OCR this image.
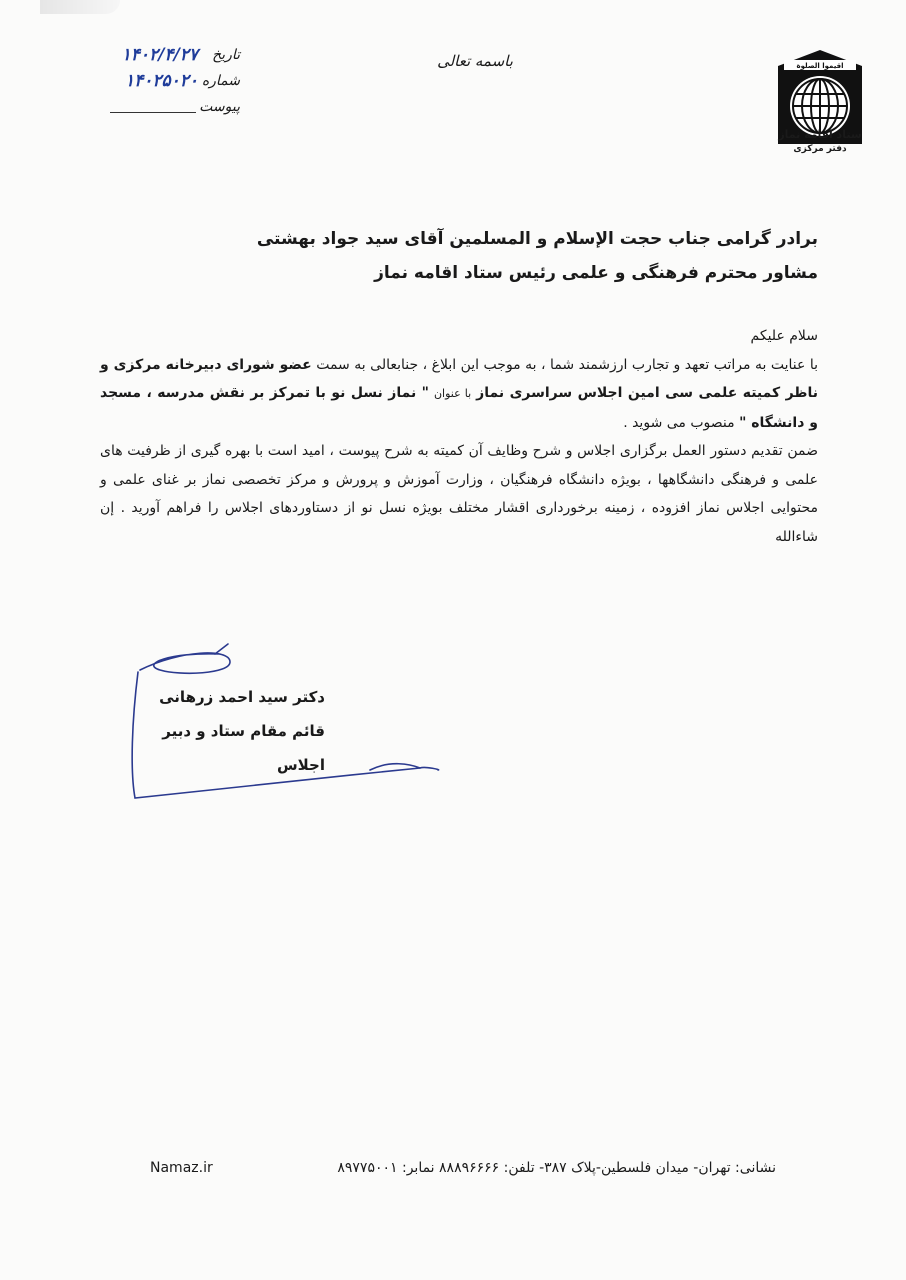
اقیموا الصلوة
ستاد اقامه نماز
دفتر مرکزی
باسمه تعالی
تاریخ
۱۴۰۲/۴/۲۷
شماره
۱۴۰۲۵۰۲۰
پیوست
برادر گرامی جناب حجت الإسلام و المسلمین آقای سید جواد بهشتی
مشاور محترم فرهنگی و علمی رئیس ستاد اقامه نماز

سلام علیکم

با عنایت به مراتب تعهد و تجارب ارزشمند شما ، به موجب این ابلاغ ، جنابعالی به سمت عضو شورای دبیرخانه مرکزی و ناظر کمیته علمی سی امین اجلاس سراسری نماز با عنوان " نماز نسل نو با تمرکز بر نقش مدرسه ، مسجد و دانشگاه " منصوب می شوید .

ضمن تقدیم دستور العمل برگزاری اجلاس و شرح وظایف آن کمیته به شرح پیوست ، امید است با بهره گیری از ظرفیت های علمی و فرهنگی دانشگاهها ، بویژه دانشگاه فرهنگیان ، وزارت آموزش و پرورش و مرکز تخصصی نماز بر غنای علمی و محتوایی اجلاس نماز افزوده ، زمینه برخورداری اقشار مختلف بویژه نسل نو از دستاوردهای اجلاس را فراهم آورید . إن شاءالله

دکتر سید احمد زرهانی
قائم مقام ستاد و دبیر اجلاس
نشانی: تهران- میدان فلسطین-پلاک ۳۸۷- تلفن: ۸۸۸۹۶۶۶۶ نمابر: ۸۹۷۷۵۰۰۱
Namaz.ir
